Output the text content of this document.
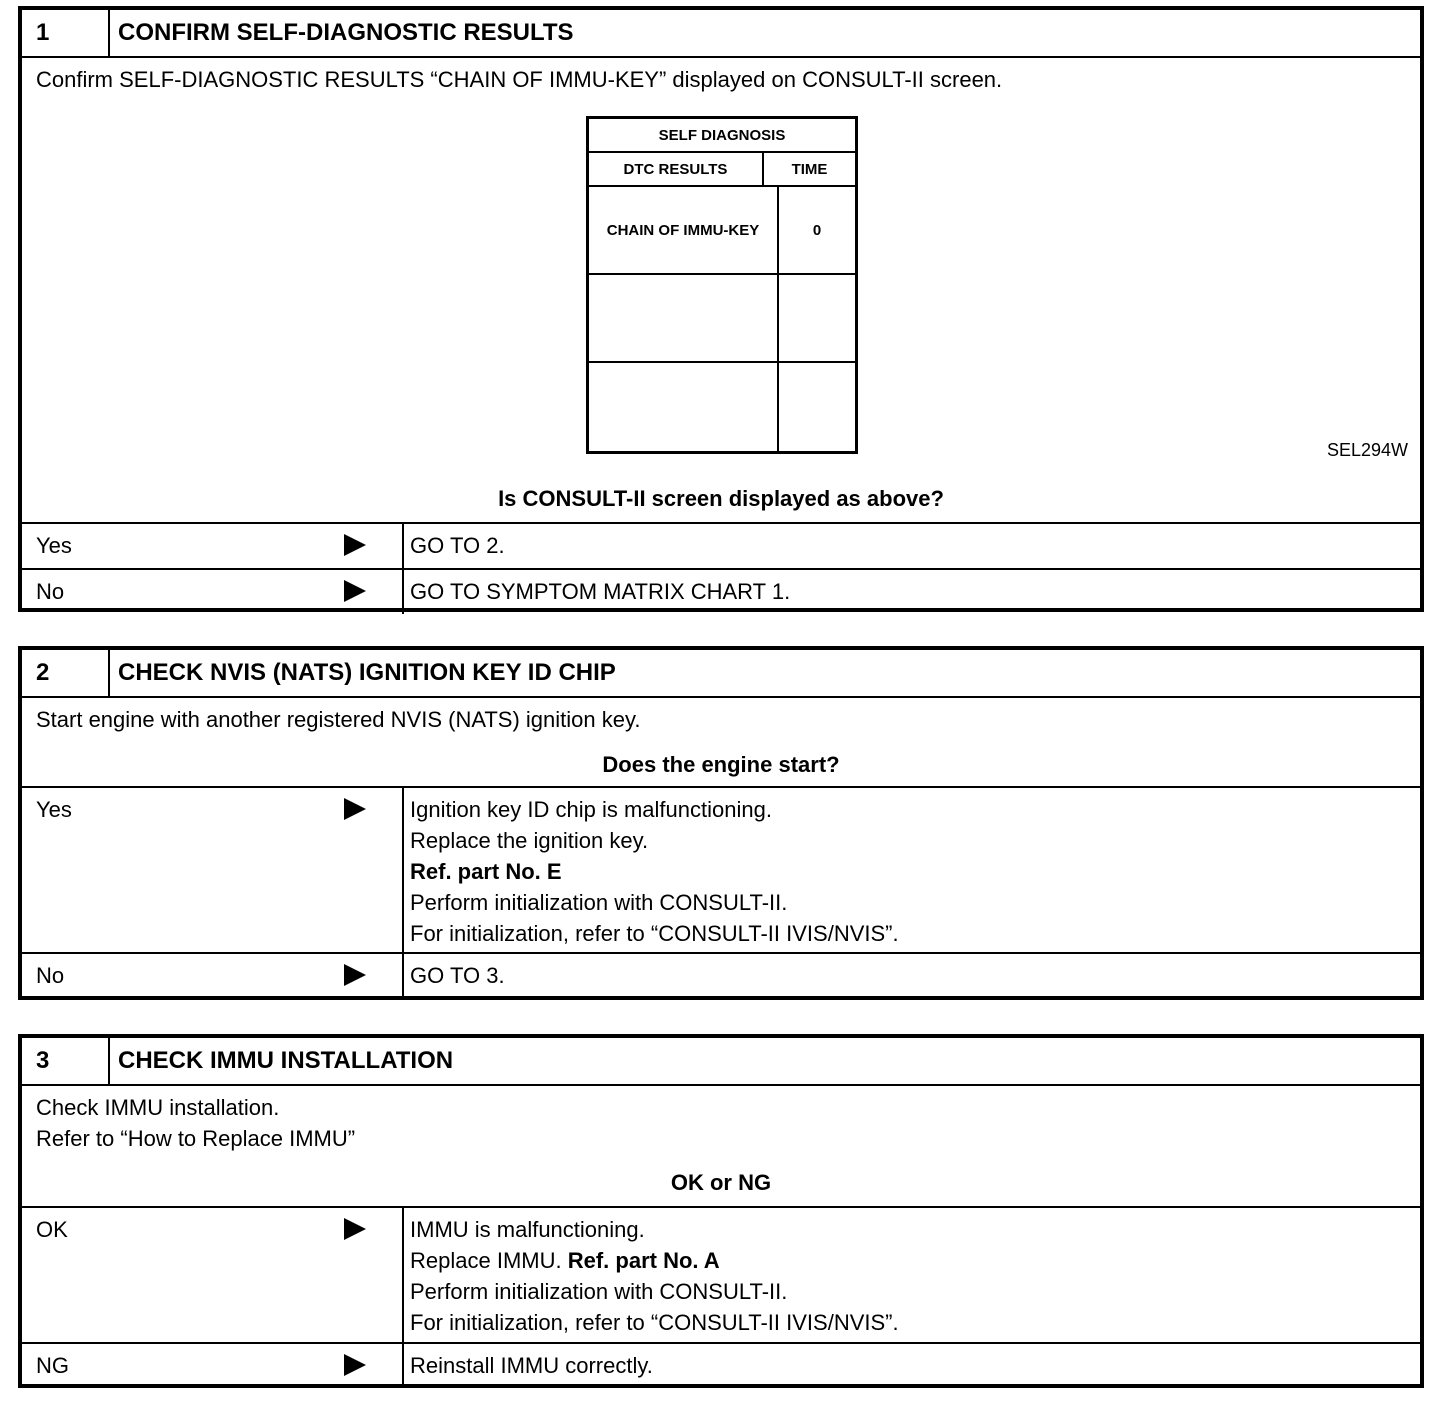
1	CONFIRM SELF-DIAGNOSTIC RESULTS
Confirm SELF-DIAGNOSTIC RESULTS “CHAIN OF IMMU-KEY” displayed on CONSULT-II screen.
SELF DIAGNOSIS
DTC RESULTS	TIME
CHAIN OF IMMU-KEY	0
SEL294W
Is CONSULT-II screen displayed as above?
Yes	GO TO 2.
No	GO TO SYMPTOM MATRIX CHART 1.
2	CHECK NVIS (NATS) IGNITION KEY ID CHIP
Start engine with another registered NVIS (NATS) ignition key.
Does the engine start?
Yes	Ignition key ID chip is malfunctioning.
Replace the ignition key.
Ref. part No. E
Perform initialization with CONSULT-II.
For initialization, refer to “CONSULT-II IVIS/NVIS”.
No	GO TO 3.
3	CHECK IMMU INSTALLATION
Check IMMU installation.
Refer to “How to Replace IMMU”
OK or NG
OK	IMMU is malfunctioning.
Replace IMMU. Ref. part No. A
Perform initialization with CONSULT-II.
For initialization, refer to “CONSULT-II IVIS/NVIS”.
NG	Reinstall IMMU correctly.
